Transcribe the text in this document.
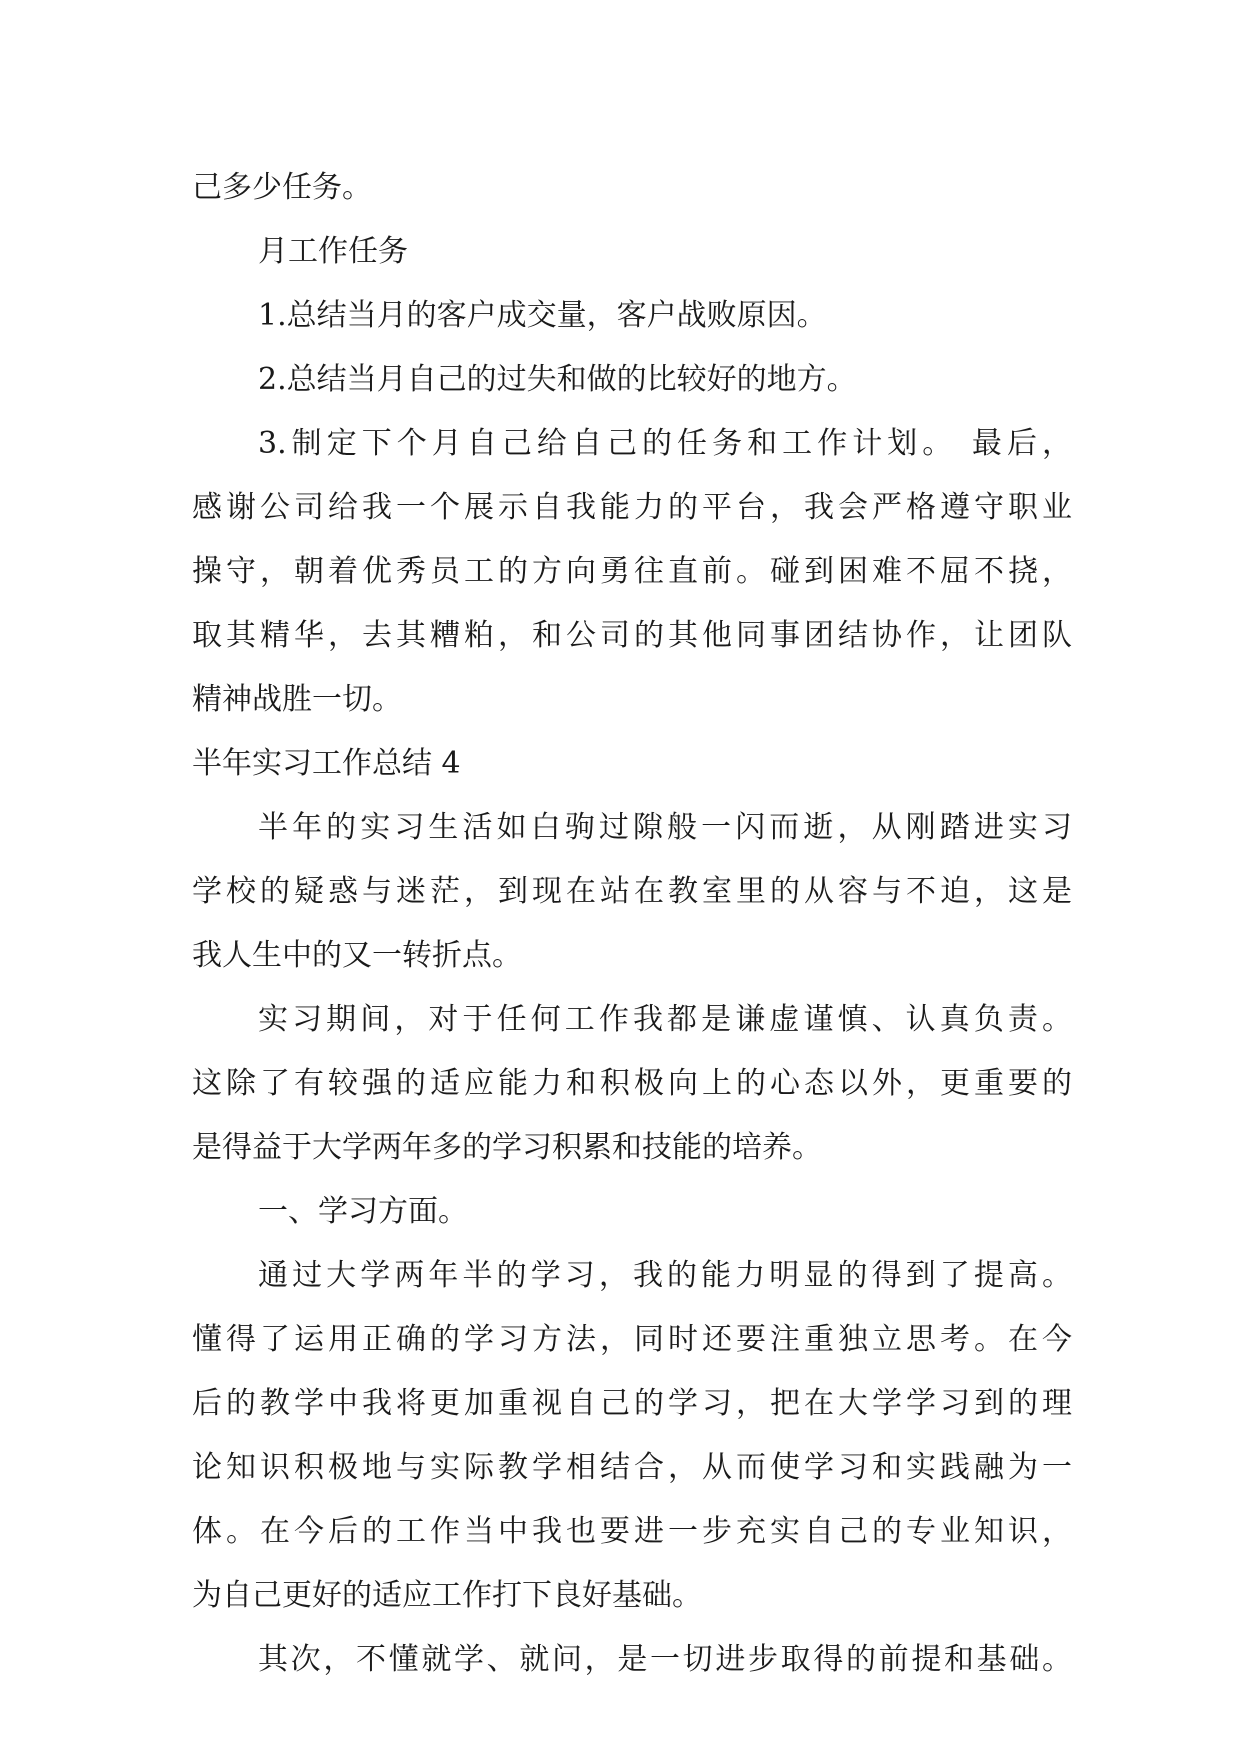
己多少任务。
月工作任务
1.总结当月的客户成交量，客户战败原因。
2.总结当月自己的过失和做的比较好的地方。
3.制定下个月自己给自己的任务和工作计划。 最后，
感谢公司给我一个展示自我能力的平台，我会严格遵守职业
操守，朝着优秀员工的方向勇往直前。碰到困难不屈不挠，
取其精华，去其糟粕，和公司的其他同事团结协作，让团队
精神战胜一切。
半年实习工作总结 4
半年的实习生活如白驹过隙般一闪而逝，从刚踏进实习
学校的疑惑与迷茫，到现在站在教室里的从容与不迫，这是
我人生中的又一转折点。
实习期间，对于任何工作我都是谦虚谨慎、认真负责。
这除了有较强的适应能力和积极向上的心态以外，更重要的
是得益于大学两年多的学习积累和技能的培养。
一、学习方面。
通过大学两年半的学习，我的能力明显的得到了提高。
懂得了运用正确的学习方法，同时还要注重独立思考。在今
后的教学中我将更加重视自己的学习，把在大学学习到的理
论知识积极地与实际教学相结合，从而使学习和实践融为一
体。在今后的工作当中我也要进一步充实自己的专业知识，
为自己更好的适应工作打下良好基础。
其次，不懂就学、就问，是一切进步取得的前提和基础。
